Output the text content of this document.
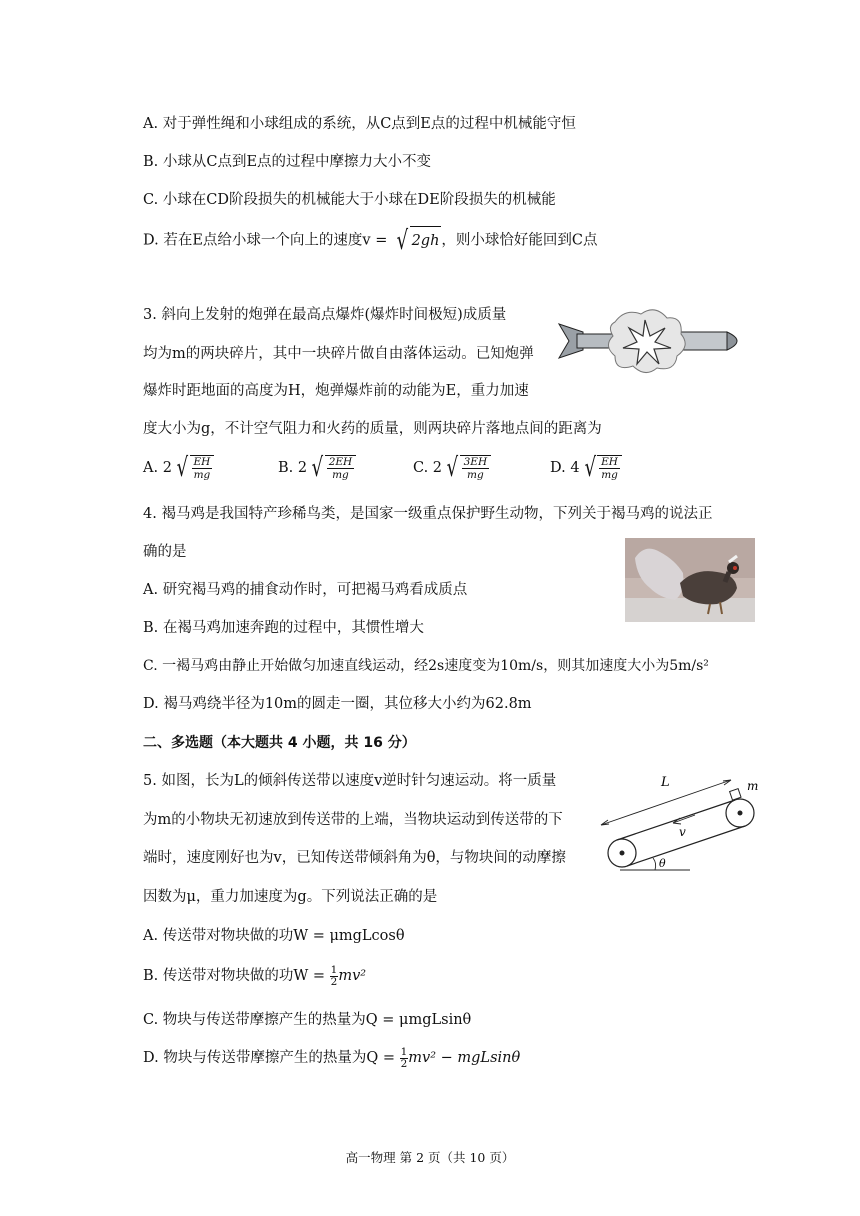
A. 对于弹性绳和小球组成的系统，从C点到E点的过程中机械能守恒
B. 小球从C点到E点的过程中摩擦力大小不变
C. 小球在CD阶段损失的机械能大于小球在DE阶段损失的机械能
D. 若在E点给小球一个向上的速度v = √ 2gh ，则小球恰好能回到C点
3. 斜向上发射的炮弹在最高点爆炸(爆炸时间极短)成质量
均为m的两块碎片，其中一块碎片做自由落体运动。已知炮弹
爆炸时距地面的高度为H，炮弹爆炸前的动能为E，重力加速
度大小为g，不计空气阻力和火药的质量，则两块碎片落地点间的距离为
A. 2 √ $\frac{EH}{mg}$	B. 2 √ $\frac{2EH}{mg}$	C. 2 √ $\frac{3EH}{mg}$	D. 4 √ $\frac{EH}{mg}$
4. 褐马鸡是我国特产珍稀鸟类，是国家一级重点保护野生动物，下列关于褐马鸡的说法正
确的是
A. 研究褐马鸡的捕食动作时，可把褐马鸡看成质点
B. 在褐马鸡加速奔跑的过程中，其惯性增大
C. 一褐马鸡由静止开始做匀加速直线运动，经2s速度变为10m/s，则其加速度大小为5m/s²
D. 褐马鸡绕半径为10m的圆走一圈，其位移大小约为62.8m
二、多选题（本大题共 4 小题，共 16 分）
5. 如图，长为L的倾斜传送带以速度v逆时针匀速运动。将一质量
为m的小物块无初速放到传送带的上端，当物块运动到传送带的下
端时，速度刚好也为v，已知传送带倾斜角为θ，与物块间的动摩擦
因数为μ，重力加速度为g。下列说法正确的是
L	m
v
θ
A. 传送带对物块做的功W = μmgLcosθ
B. 传送带对物块做的功$W = \frac{1}{2} mv^2$
C. 物块与传送带摩擦产生的热量为Q = μmgLsinθ
D. 物块与传送带摩擦产生的热量为$Q = \frac{1}{2} mv^2 - mgLsin\theta$
高一物理 第 2 页（共 10 页）
